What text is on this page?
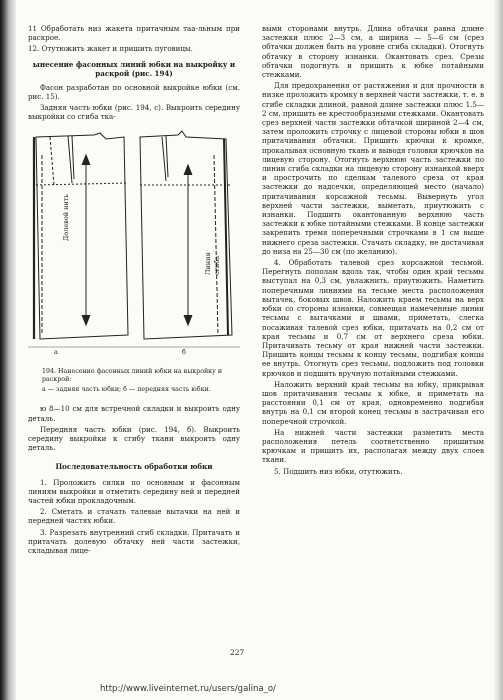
11 Обработать низ жакета притачным таа-льным при раскрое.

12. Отутюжить жакет и пришить пуговицы.

ынесение фасонных линий юбки на выкройку и раскрой (рис. 194)

Фасон разработан по основной выкройке юбки (см. рис. 15).

Задняя часть юбки (рис. 194, с). Выкроить середину выкройки со сгиба тка-

а	б
Долевой нить
Линия сгиба

194. Нанесение фасонных линий юбки на выкройку и раскрой:

а — задняя часть юбки; б — передняя часть юбки.

ю 8—10 см для встречной складки и выкроить одну деталь.

Передняя часть юбки (рис. 194, б). Выкроить середину выкройки к сгибу ткани выкроить одну деталь.

Последовательность обработки юбки

1. Проложить силки по основным и фасонным линиям выкройки и отметить середину ней и передней частей юбки прокладочным.

2. Сметать и стачать талевые вытачки на ней и передней частях юбки.

3. Разрезать внутренний сгиб складки. Притачать и притачать долевую обтачку ней части застежки, складывая лице-

выми сторонами внутрь. Длина обтачки равна длине застежки плюс 2—3 см, а ширина — 5—6 см (срез обтачки должен быть на уровне сгиба складки). Отогнуть обтачку в сторону изнанки. Окантовать срез. Срезы обтачки подогнуть и пришить к юбке потайными стежками.

Для предохранения от растяжения и для прочности в низке проложить кромку в верхней части застежки, т. е. в сгибе складки длиной, равной длине застежки плюс 1.5—2 см, пришить ее крестообразными стежками. Окантовать срез верхней части застежки обтачкой шириной 2—4 см, затем проложить строчку с лицевой стороны юбки в шов притачивания обтачки. Пришить крючки к кромке, прокалывая основную ткань и выводя головки крючков на лицевую сторону. Отогнуть верхнюю часть застежки по линии сгиба складки на лицевую сторону изнанкой вверх и прострочить по сделкам талевого среза от края застежки до надсечки, определяющей место (начало) притачивания корсажной тесьмы. Вывернуть угол верхней части застежки, выметать, приутюжить с изнанки. Подшить окантованную верхнюю часть застежки к юбке потайными стежками. В конце застежки закрепить тремя поперечными строчками в 1 см выше нижнего среза застежки. Стачать складку, не достачивая до низа на 25—30 см (по желанию).

4. Обработать талевой срез корсажной тесьмой. Перегнуть пополам вдоль так, чтобы один край тесьмы выступал на 0,3 см, увлажнить, приутюжить. Наметить поперечными линиями на тесьме места расположения вытачек, боковых швов. Наложить краем тесьмы на верх юбки со стороны изнанки, совмещая намеченные линии тесьмы с вытачками и швами, приметать, слегка посаживая талевой срез юбки, притачать на 0,2 см от края тесьмы и 0,7 см от верхнего среза юбки. Притачивать тесьму от края нижней части застежки. Пришить концы тесьмы к концу тесьмы, подгибая концы ее внутрь. Отогнуть срез тесьмы, подложить под головки крючков и подшить вручную потайными стежками.

Наложить верхний край тесьмы на юбку, прикрывая шов притачивания тесьмы к юбке, и приметать на расстоянии 0,1 см от края, одновременно подгибая внутрь на 0,1 см второй конец тесьмы в застрачивая его поперечной строчкой.

На нижней части застежки разметить места расположения петель соответственно пришитым крючкам и пришить их, располагая между двух слоев ткани.

5. Подшить низ юбки, отутюжить.

227
http://www.liveinternet.ru/users/galina_o/
